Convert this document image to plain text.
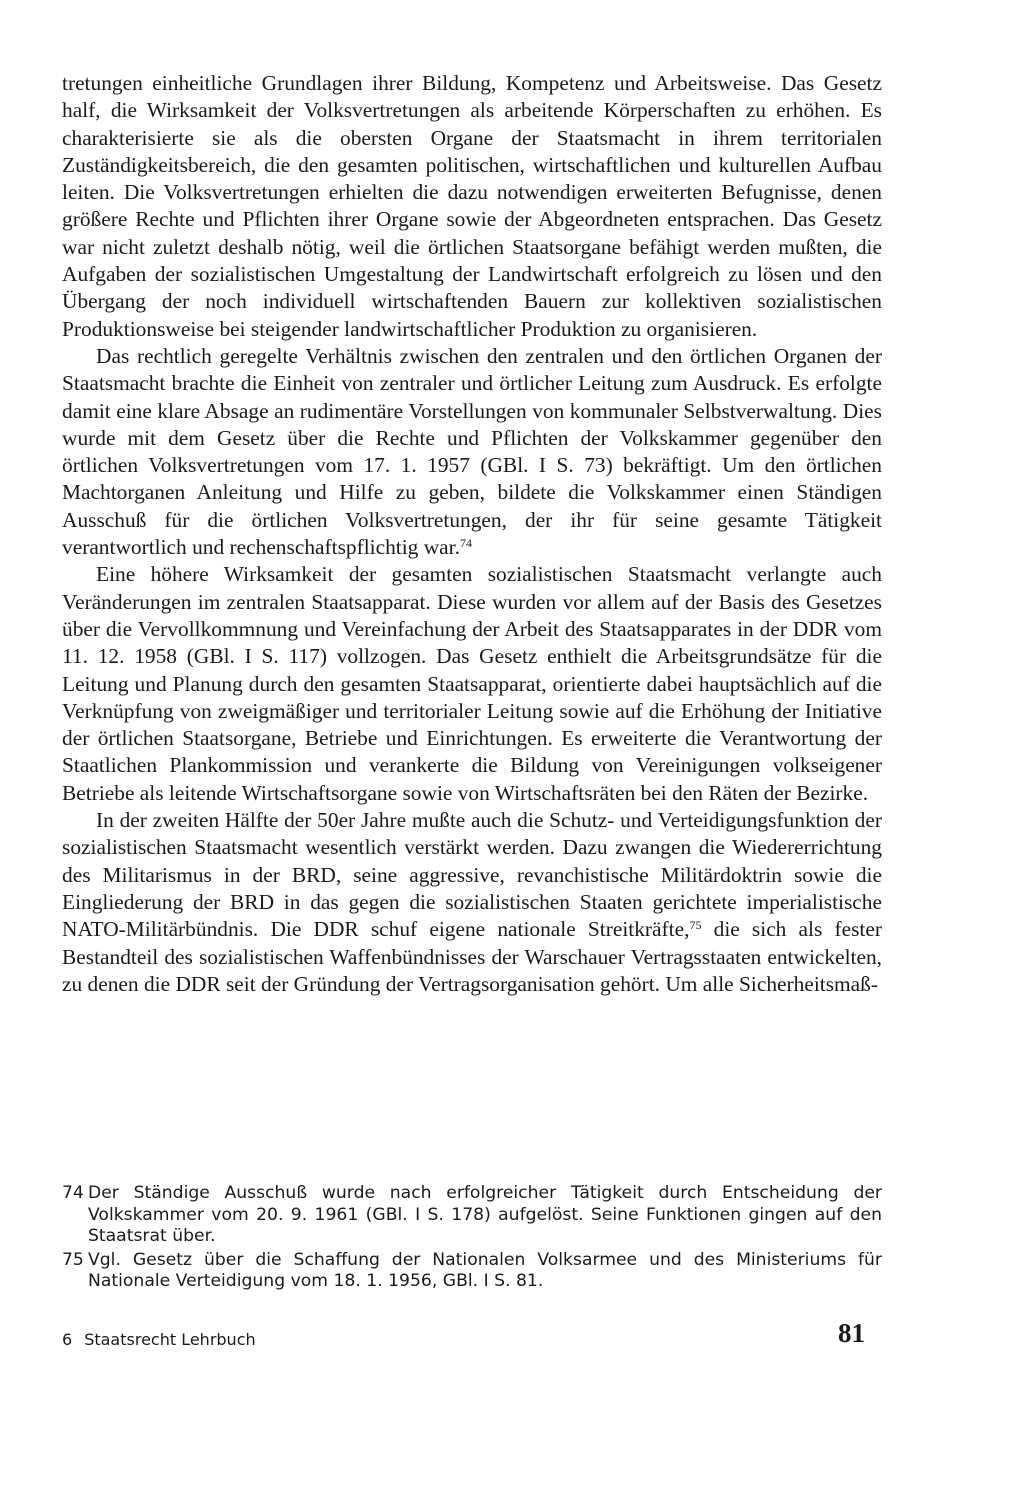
tretungen einheitliche Grundlagen ihrer Bildung, Kompetenz und Arbeitsweise. Das Gesetz half, die Wirksamkeit der Volksvertretungen als arbeitende Körperschaften zu erhöhen. Es charakterisierte sie als die obersten Organe der Staatsmacht in ihrem territorialen Zuständigkeitsbereich, die den gesamten politischen, wirtschaftlichen und kulturellen Aufbau leiten. Die Volksvertretungen erhielten die dazu notwendigen erweiterten Befugnisse, denen größere Rechte und Pflichten ihrer Organe sowie der Abgeordneten entsprachen. Das Gesetz war nicht zuletzt deshalb nötig, weil die örtlichen Staatsorgane befähigt werden mußten, die Aufgaben der sozialistischen Umgestaltung der Landwirtschaft erfolgreich zu lösen und den Übergang der noch individuell wirtschaftenden Bauern zur kollektiven sozialistischen Produktionsweise bei steigender landwirtschaftlicher Produktion zu organisieren.

Das rechtlich geregelte Verhältnis zwischen den zentralen und den örtlichen Organen der Staatsmacht brachte die Einheit von zentraler und örtlicher Leitung zum Ausdruck. Es erfolgte damit eine klare Absage an rudimentäre Vorstellungen von kommunaler Selbstverwaltung. Dies wurde mit dem Gesetz über die Rechte und Pflichten der Volkskammer gegenüber den örtlichen Volksvertretungen vom 17. 1. 1957 (GBl. I S. 73) bekräftigt. Um den örtlichen Machtorganen Anleitung und Hilfe zu geben, bildete die Volkskammer einen Ständigen Ausschuß für die örtlichen Volksvertretungen, der ihr für seine gesamte Tätigkeit verantwortlich und rechenschaftspflichtig war.$^{74}$

Eine höhere Wirksamkeit der gesamten sozialistischen Staatsmacht verlangte auch Veränderungen im zentralen Staatsapparat. Diese wurden vor allem auf der Basis des Gesetzes über die Vervollkommnung und Vereinfachung der Arbeit des Staatsapparates in der DDR vom 11. 12. 1958 (GBl. I S. 117) vollzogen. Das Gesetz enthielt die Arbeitsgrundsätze für die Leitung und Planung durch den gesamten Staatsapparat, orientierte dabei hauptsächlich auf die Verknüpfung von zweigmäßiger und territorialer Leitung sowie auf die Erhöhung der Initiative der örtlichen Staatsorgane, Betriebe und Einrichtungen. Es erweiterte die Verantwortung der Staatlichen Plankommission und verankerte die Bildung von Vereinigungen volkseigener Betriebe als leitende Wirtschaftsorgane sowie von Wirtschaftsräten bei den Räten der Bezirke.

In der zweiten Hälfte der 50er Jahre mußte auch die Schutz- und Verteidigungsfunktion der sozialistischen Staatsmacht wesentlich verstärkt werden. Dazu zwangen die Wiedererrichtung des Militarismus in der BRD, seine aggressive, revanchistische Militärdoktrin sowie die Eingliederung der BRD in das gegen die sozialistischen Staaten gerichtete imperialistische NATO-Militärbündnis. Die DDR schuf eigene nationale Streitkräfte,$^{75}$ die sich als fester Bestandteil des sozialistischen Waffenbündnisses der Warschauer Vertragsstaaten entwickelten, zu denen die DDR seit der Gründung der Vertragsorganisation gehört. Um alle Sicherheitsmaß-

74 Der Ständige Ausschuß wurde nach erfolgreicher Tätigkeit durch Entscheidung der Volkskammer vom 20. 9. 1961 (GBl. I S. 178) aufgelöst. Seine Funktionen gingen auf den Staatsrat über.
75 Vgl. Gesetz über die Schaffung der Nationalen Volksarmee und des Ministeriums für Nationale Verteidigung vom 18. 1. 1956, GBl. I S. 81.
6 Staatsrecht Lehrbuch	81
